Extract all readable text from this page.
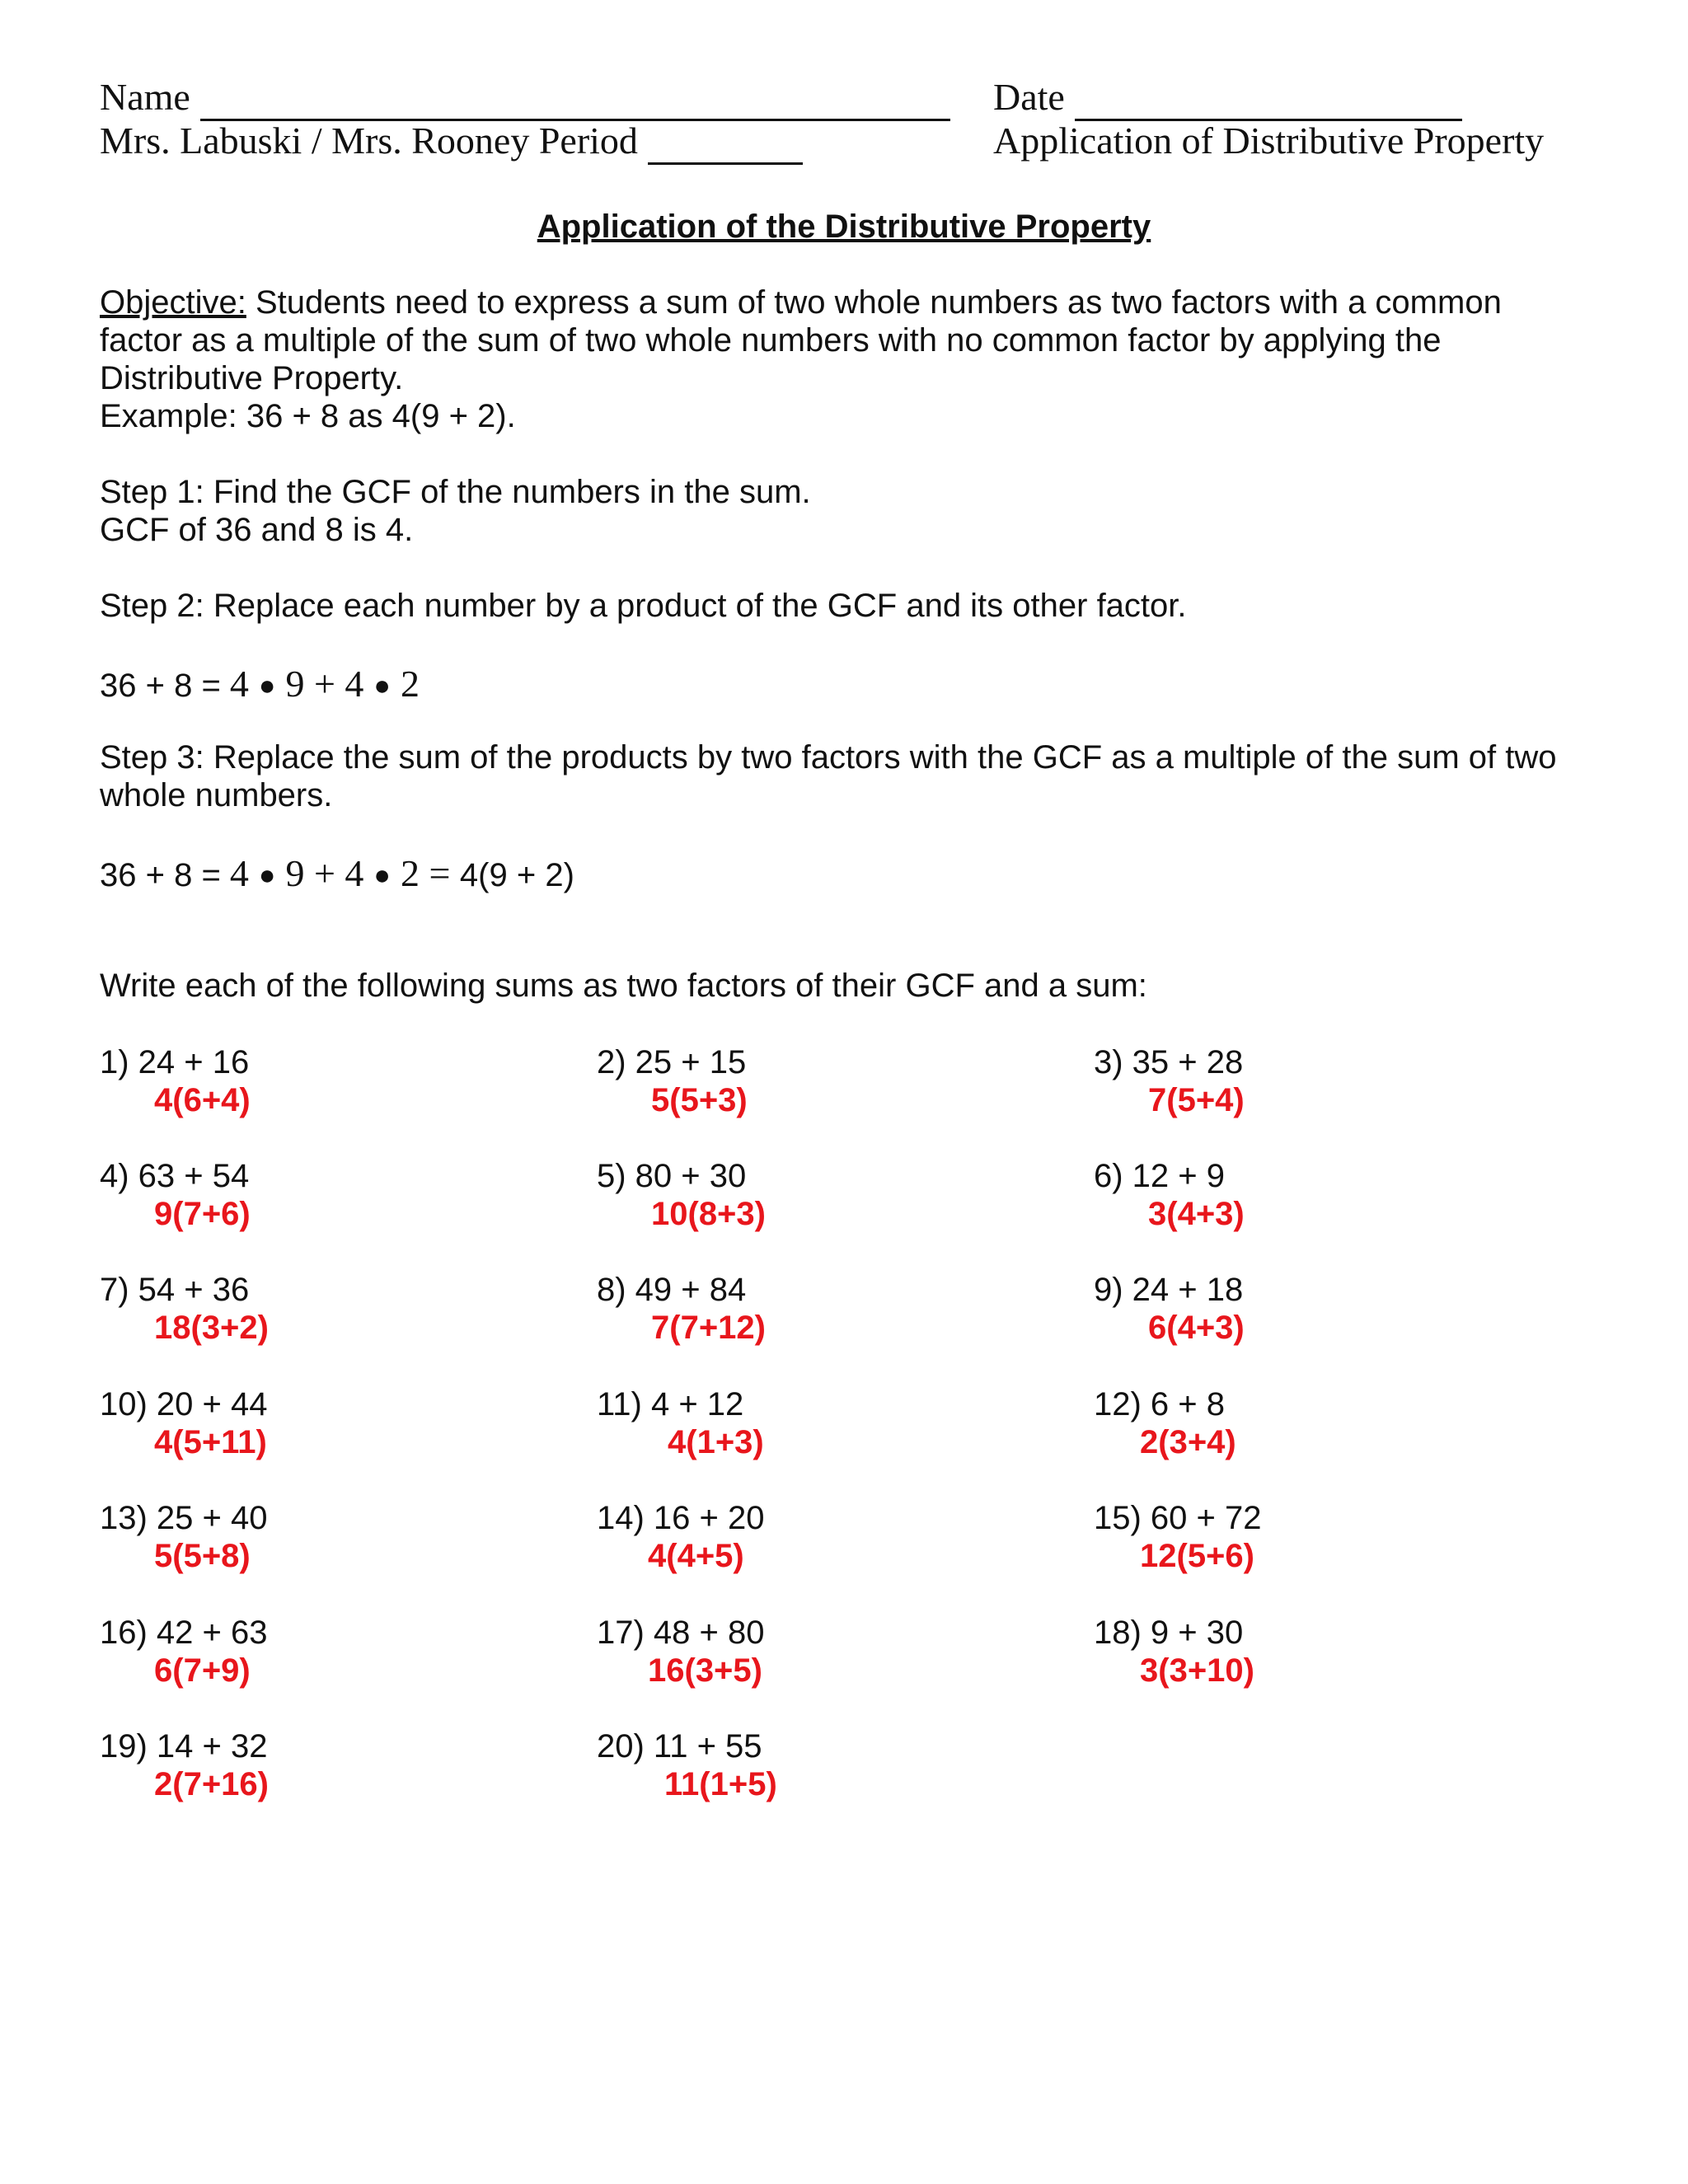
Name
Mrs. Labuski / Mrs. Rooney Period
Date
Application of Distributive Property
Application of the Distributive Property
Objective: Students need to express a sum of two whole numbers as two factors with a common factor as a multiple of the sum of two whole numbers with no common factor by applying the Distributive Property.
Example: 36 + 8 as 4(9 + 2).
Step 1: Find the GCF of the numbers in the sum.
GCF of 36 and 8 is 4.
Step 2: Replace each number by a product of the GCF and its other factor.
36 + 8 = 4 ● 9 + 4 ● 2
Step 3: Replace the sum of the products by two factors with the GCF as a multiple of the sum of two whole numbers.
36 + 8 = 4 ● 9 + 4 ● 2 = 4(9 + 2)
Write each of the following sums as two factors of their GCF and a sum:
1) 24 + 16
4(6+4)
2) 25 + 15
5(5+3)
3) 35 + 28
7(5+4)
4) 63 + 54
9(7+6)
5) 80 + 30
10(8+3)
6) 12 + 9
3(4+3)
7) 54 + 36
18(3+2)
8) 49 + 84
7(7+12)
9) 24 + 18
6(4+3)
10) 20 + 44
4(5+11)
11) 4 + 12
4(1+3)
12) 6 + 8
2(3+4)
13) 25 + 40
5(5+8)
14) 16 + 20
4(4+5)
15) 60 + 72
12(5+6)
16) 42 + 63
6(7+9)
17) 48 + 80
16(3+5)
18) 9 + 30
3(3+10)
19) 14 + 32
2(7+16)
20) 11 + 55
11(1+5)
